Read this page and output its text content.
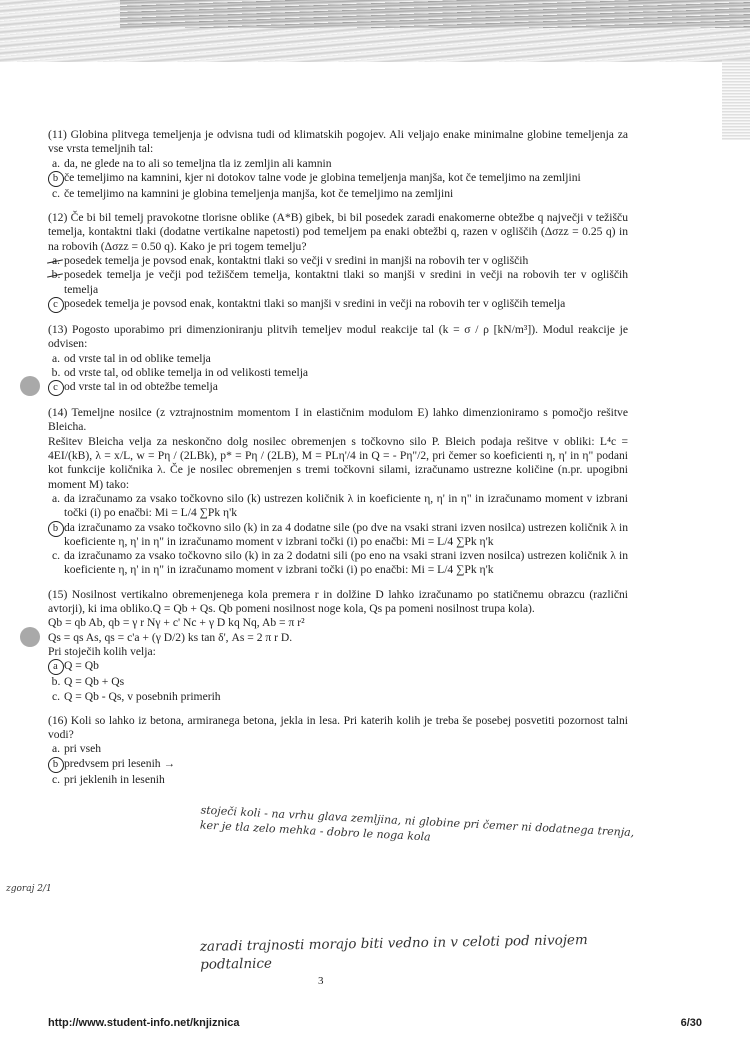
zgoraj 2/1

(11) Globina plitvega temeljenja je odvisna tudi od klimatskih pogojev. Ali veljajo enake minimalne globine temeljenja za vse vrsta temeljnih tal:

a. da, ne glede na to ali so temeljna tla iz zemljin ali kamnin
b če temeljimo na kamnini, kjer ni dotokov talne vode je globina temeljenja manjša, kot če temeljimo na zemljini
c. če temeljimo na kamnini je globina temeljenja manjša, kot če temeljimo na zemljini

(12) Če bi bil temelj pravokotne tlorisne oblike (A*B) gibek, bi bil posedek zaradi enakomerne obtežbe q največji v težišču temelja, kontaktni tlaki (dodatne vertikalne napetosti) pod temeljem pa enaki obtežbi q, razen v ogliščih (Δσzz = 0.25 q) in na robovih (Δσzz = 0.50 q). Kako je pri togem temelju?

a. posedek temelja je povsod enak, kontaktni tlaki so večji v sredini in manjši na robovih ter v ogliščih
b. posedek temelja je večji pod težiščem temelja, kontaktni tlaki so manjši v sredini in večji na robovih ter v ogliščih temelja
c posedek temelja je povsod enak, kontaktni tlaki so manjši v sredini in večji na robovih ter v ogliščih temelja

(13) Pogosto uporabimo pri dimenzioniranju plitvih temeljev modul reakcije tal (k = σ / ρ [kN/m³]). Modul reakcije je odvisen:

a. od vrste tal in od oblike temelja
b. od vrste tal, od oblike temelja in od velikosti temelja
c od vrste tal in od obtežbe temelja

(14) Temeljne nosilce (z vztrajnostnim momentom I in elastičnim modulom E) lahko dimenzioniramo s pomočjo rešitve Bleicha.

Rešitev Bleicha velja za neskončno dolg nosilec obremenjen s točkovno silo P. Bleich podaja rešitve v obliki: L⁴c = 4EI/(kB), λ = x/L, w = Pη / (2LBk), p* = Pη / (2LB), M = PLη'/4 in Q = - Pη"/2, pri čemer so koeficienti η, η' in η" podani kot funkcije količnika λ. Če je nosilec obremenjen s tremi točkovni silami, izračunamo ustrezne količine (n.pr. upogibni moment M) tako:

a. da izračunamo za vsako točkovno silo (k) ustrezen količnik λ in koeficiente η, η' in η" in izračunamo moment v izbrani točki (i) po enačbi: Mi = L/4 ∑Pk η'k
b da izračunamo za vsako točkovno silo (k) in za 4 dodatne sile (po dve na vsaki strani izven nosilca) ustrezen količnik λ in koeficiente η, η' in η" in izračunamo moment v izbrani točki (i) po enačbi: Mi = L/4 ∑Pk η'k
c. da izračunamo za vsako točkovno silo (k) in za 2 dodatni sili (po eno na vsaki strani izven nosilca) ustrezen količnik λ in koeficiente η, η' in η" in izračunamo moment v izbrani točki (i) po enačbi: Mi = L/4 ∑Pk η'k

(15) Nosilnost vertikalno obremenjenega kola premera r in dolžine D lahko izračunamo po statičnemu obrazcu (različni avtorji), ki ima obliko.Q = Qb + Qs. Qb pomeni nosilnost noge kola, Qs pa pomeni nosilnost trupa kola).

Qb = qb Ab, qb = γ r Nγ + c' Nc + γ D kq Nq, Ab = π r²

Qs = qs As, qs = c'a + (γ D/2) ks tan δ', As = 2 π r D.

Pri stoječih kolih velja:

a Q = Qb
b. Q = Qb + Qs
c. Q = Qb - Qs, v posebnih primerih

(16) Koli so lahko iz betona, armiranega betona, jekla in lesa. Pri katerih kolih je treba še posebej posvetiti pozornost talni vodi?

a. pri vseh
b predvsem pri lesenih →
c. pri jeklenih in lesenih
stoječi koli - na vrhu glava zemljina, ni globine pri čemer ni dodatnega trenja, ker je tla zelo mehka - dobro le noga kola
zaradi trajnosti morajo biti vedno in v celoti pod nivojem podtalnice
3
http://www.student-info.net/knjiznica	6/30
